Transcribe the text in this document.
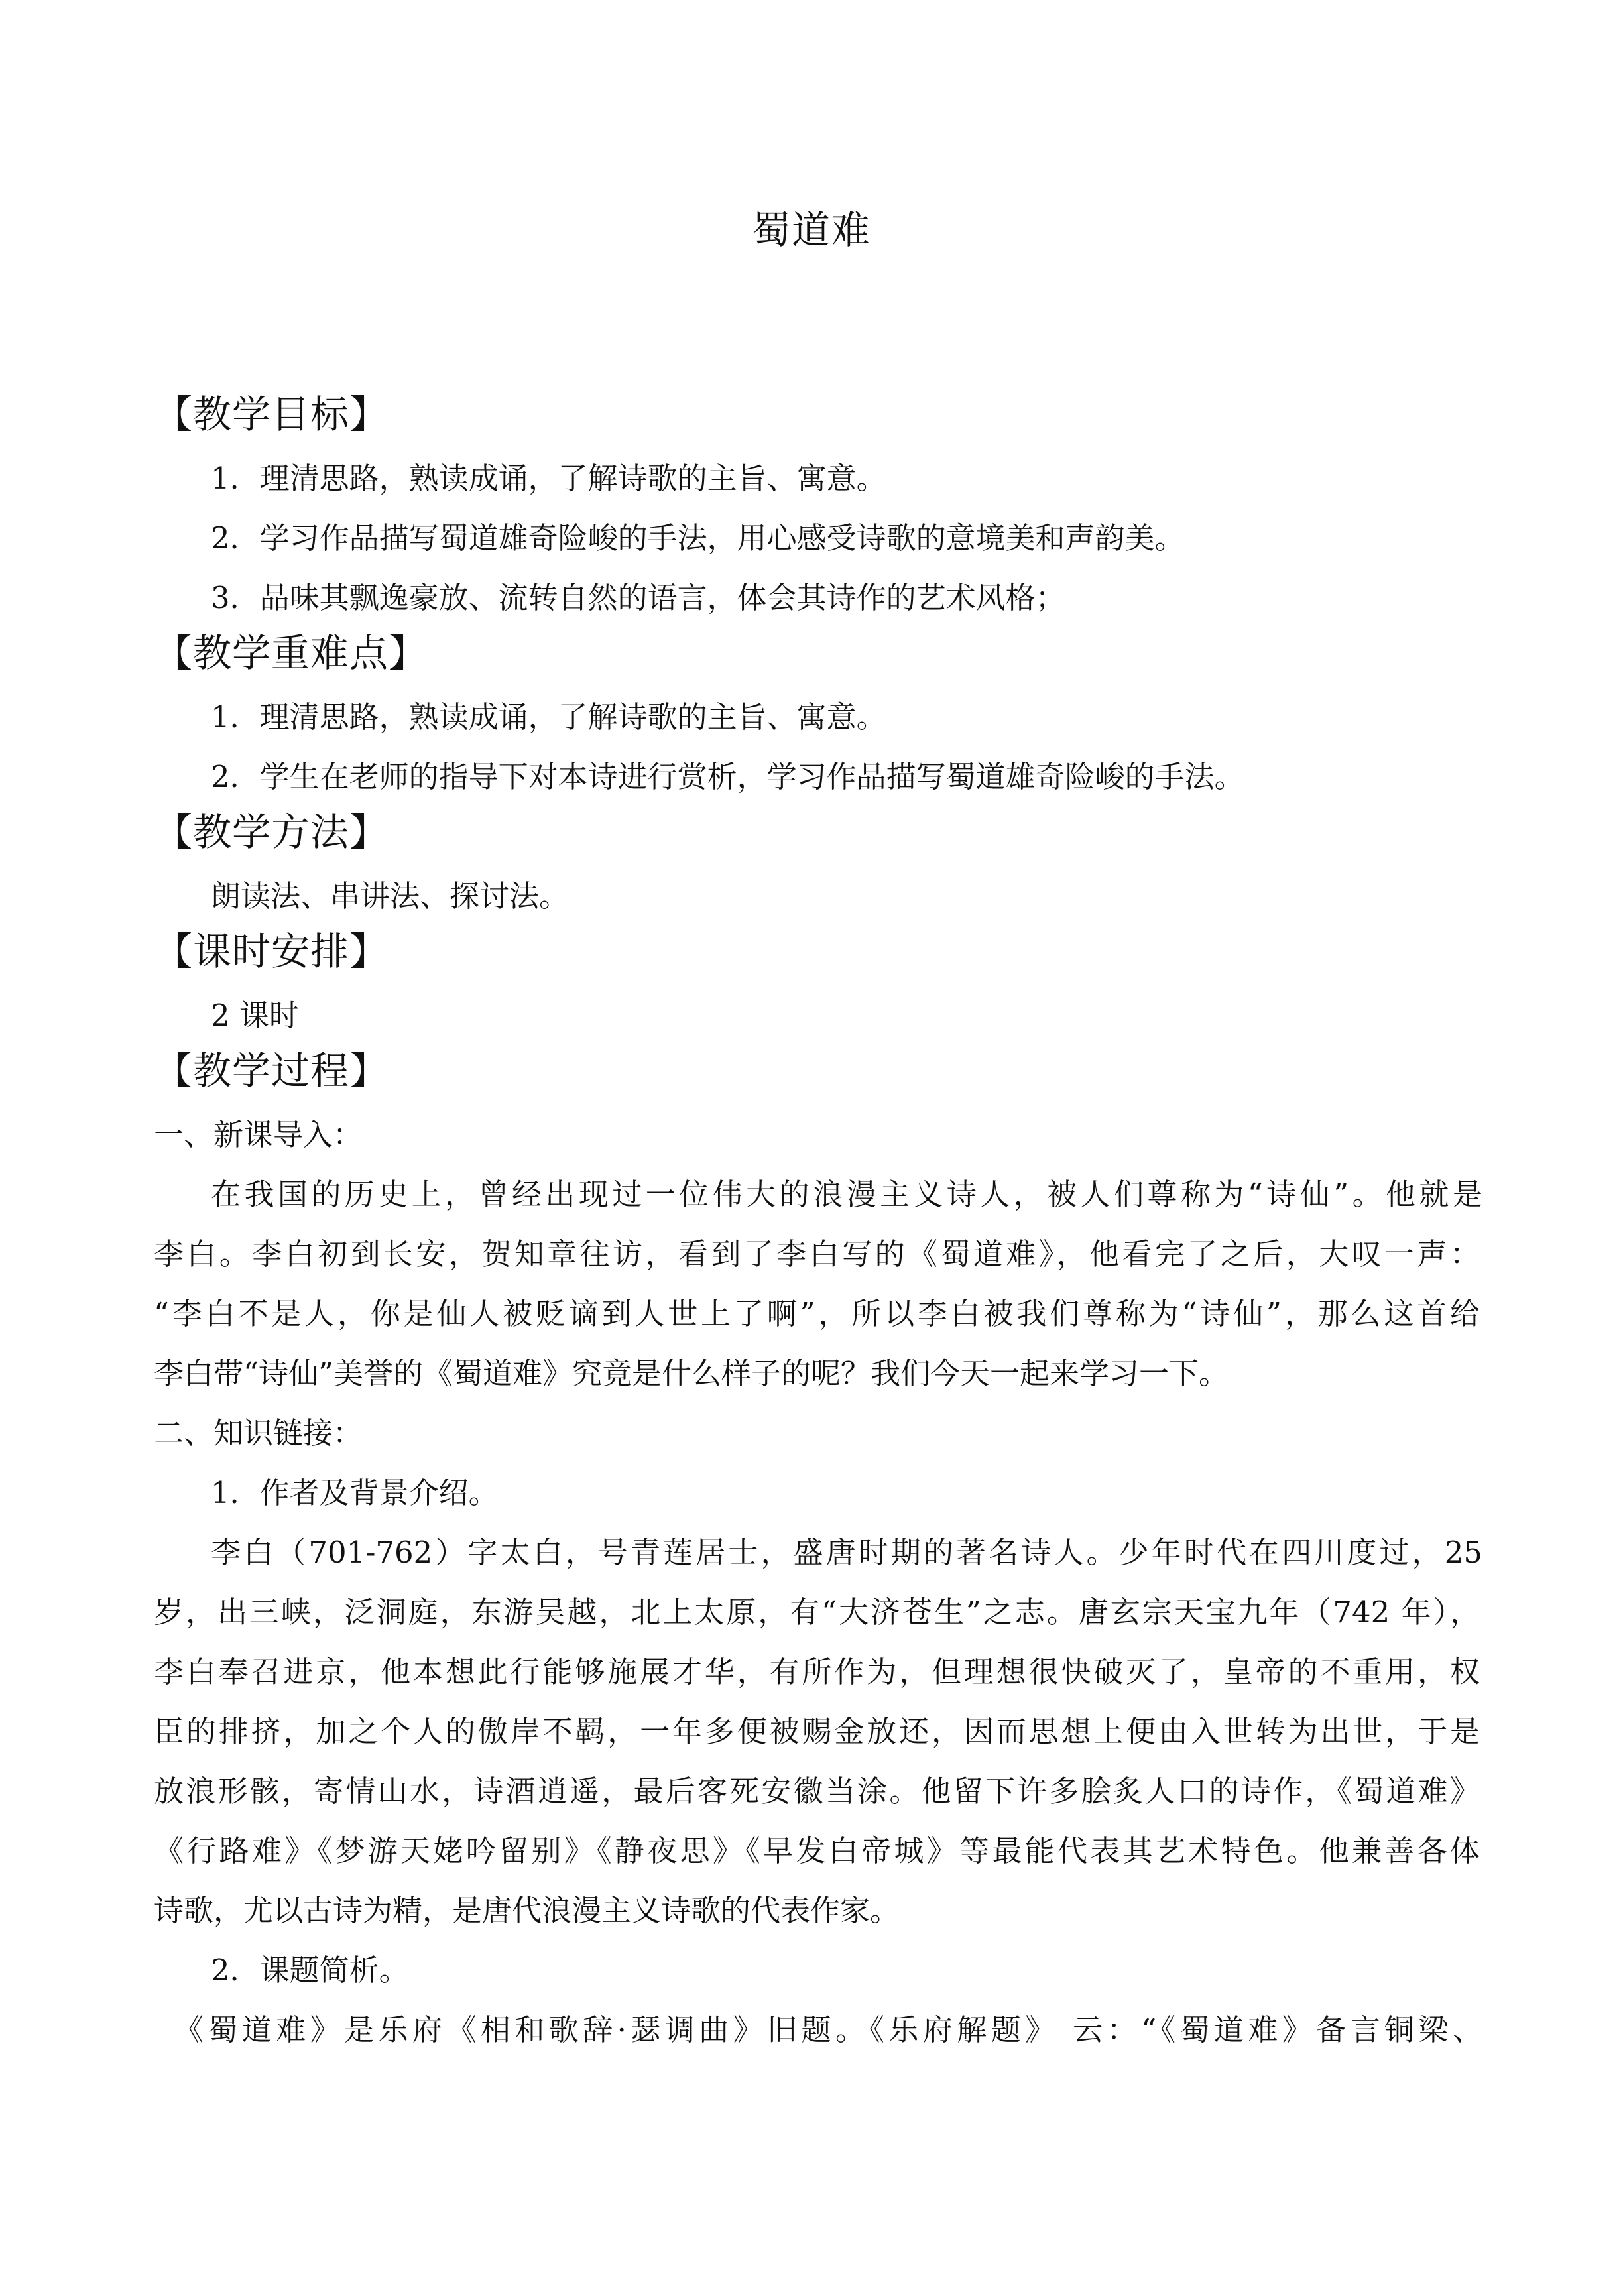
蜀道难
【教学目标】
1．理清思路，熟读成诵，了解诗歌的主旨、寓意。
2．学习作品描写蜀道雄奇险峻的手法，用心感受诗歌的意境美和声韵美。
3．品味其飘逸豪放、流转自然的语言，体会其诗作的艺术风格；
【教学重难点】
1．理清思路，熟读成诵，了解诗歌的主旨、寓意。
2．学生在老师的指导下对本诗进行赏析，学习作品描写蜀道雄奇险峻的手法。
【教学方法】
朗读法、串讲法、探讨法。
【课时安排】
2 课时
【教学过程】
一、新课导入：
在我国的历史上，曾经出现过一位伟大的浪漫主义诗人，被人们尊称为“诗仙”。他就是
李白。李白初到长安，贺知章往访，看到了李白写的《蜀道难》，他看完了之后，大叹一声：
“李白不是人，你是仙人被贬谪到人世上了啊”，所以李白被我们尊称为“诗仙”，那么这首给
李白带“诗仙”美誉的《蜀道难》究竟是什么样子的呢？我们今天一起来学习一下。
二、知识链接：
1．作者及背景介绍。
李白（701-762）字太白，号青莲居士，盛唐时期的著名诗人。少年时代在四川度过，25
岁，出三峡，泛洞庭，东游吴越，北上太原，有“大济苍生”之志。唐玄宗天宝九年（742 年），
李白奉召进京，他本想此行能够施展才华，有所作为，但理想很快破灭了，皇帝的不重用，权
臣的排挤，加之个人的傲岸不羁，一年多便被赐金放还，因而思想上便由入世转为出世，于是
放浪形骸，寄情山水，诗酒逍遥，最后客死安徽当涂。他留下许多脍炙人口的诗作，《蜀道难》
《行路难》《梦游天姥吟留别》《静夜思》《早发白帝城》等最能代表其艺术特色。他兼善各体
诗歌，尤以古诗为精，是唐代浪漫主义诗歌的代表作家。
2．课题简析。
《蜀道难》是乐府《相和歌辞·瑟调曲》旧题。《乐府解题》 云：“《蜀道难》备言铜梁、
